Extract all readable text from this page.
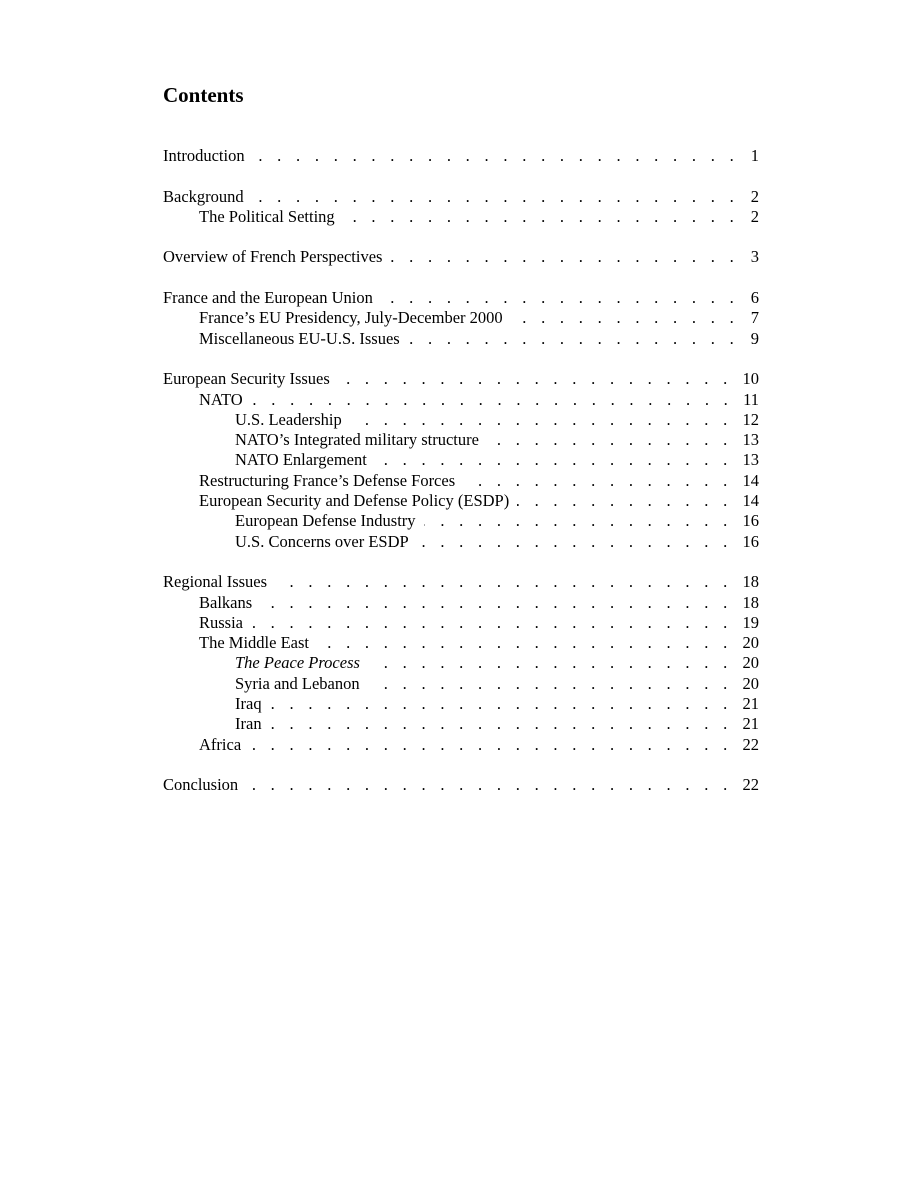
Contents
Introduction . . .	1
Background . . .	2
The Political Setting . . .	2
Overview of French Perspectives . . .	3
France and the European Union . . .	6
France’s EU Presidency, July-December 2000 . . .	7
Miscellaneous EU-U.S. Issues . . .	9
European Security Issues . . .	10
NATO . . .	11
U.S. Leadership . . .	12
NATO’s Integrated military structure . . .	13
NATO Enlargement . . .	13
Restructuring France’s Defense Forces . . .	14
European Security and Defense Policy (ESDP) . . .	14
European Defense Industry . . .	16
U.S. Concerns over ESDP . . .	16
Regional Issues . . .	18
Balkans . . .	18
Russia . . .	19
The Middle East . . .	20
The Peace Process . . .	20
Syria and Lebanon . . .	20
Iraq . . .	21
Iran . . .	21
Africa . . .	22
Conclusion . . .	22
